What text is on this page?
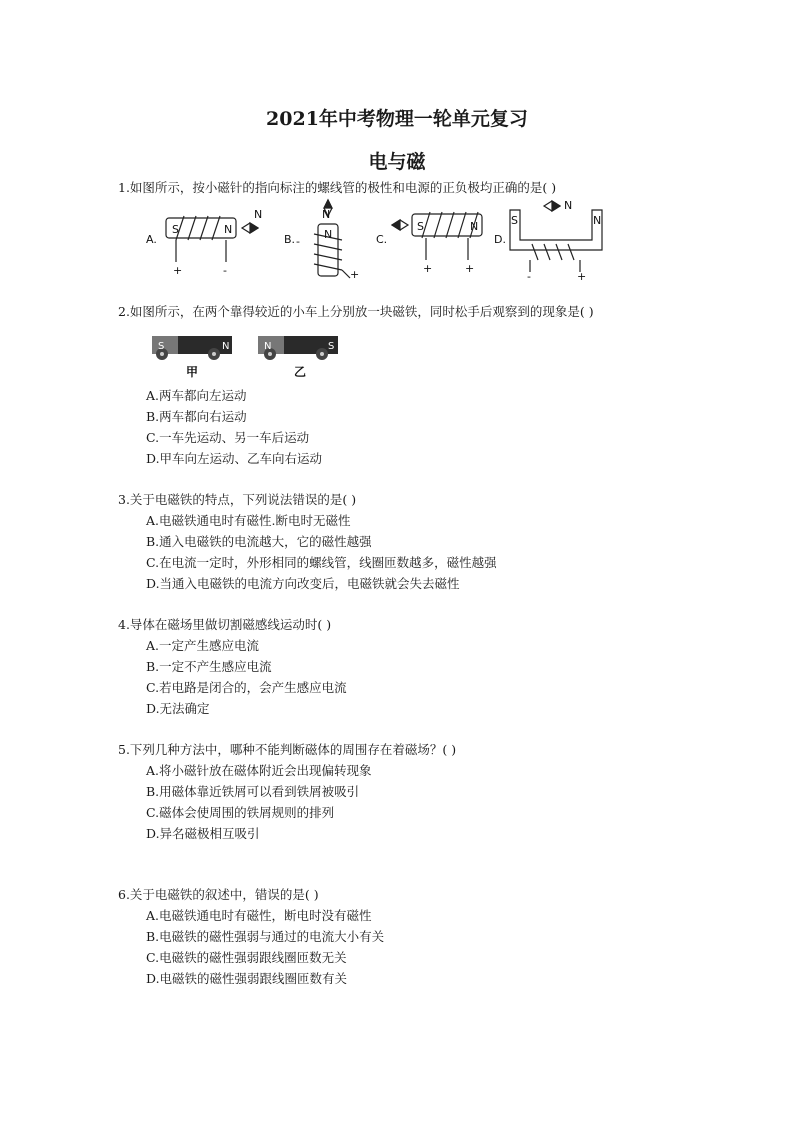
2021年中考物理一轮单元复习
电与磁
1.如图所示，按小磁针的指向标注的螺线管的极性和电源的正负极均正确的是( )
A.
S	N
N
+	-
B. -
N
N
+
C.
S	N
+	+
D.
S	N
N
-	+
2.如图所示，在两个靠得较近的小车上分别放一块磁铁，同时松手后观察到的现象是( )
S	N	N	S
甲	乙
A.两车都向左运动
B.两车都向右运动
C.一车先运动、另一车后运动
D.甲车向左运动、乙车向右运动
3.关于电磁铁的特点，下列说法错误的是( )
A.电磁铁通电时有磁性.断电时无磁性
B.通入电磁铁的电流越大，它的磁性越强
C.在电流一定时，外形相同的螺线管，线圈匝数越多，磁性越强
D.当通入电磁铁的电流方向改变后，电磁铁就会失去磁性
4.导体在磁场里做切割磁感线运动时( )
A.一定产生感应电流
B.一定不产生感应电流
C.若电路是闭合的，会产生感应电流
D.无法确定
5.下列几种方法中，哪种不能判断磁体的周围存在着磁场？( )
A.将小磁针放在磁体附近会出现偏转现象
B.用磁体靠近铁屑可以看到铁屑被吸引
C.磁体会使周围的铁屑规则的排列
D.异名磁极相互吸引
6.关于电磁铁的叙述中，错误的是( )
A.电磁铁通电时有磁性，断电时没有磁性
B.电磁铁的磁性强弱与通过的电流大小有关
C.电磁铁的磁性强弱跟线圈匝数无关
D.电磁铁的磁性强弱跟线圈匝数有关
